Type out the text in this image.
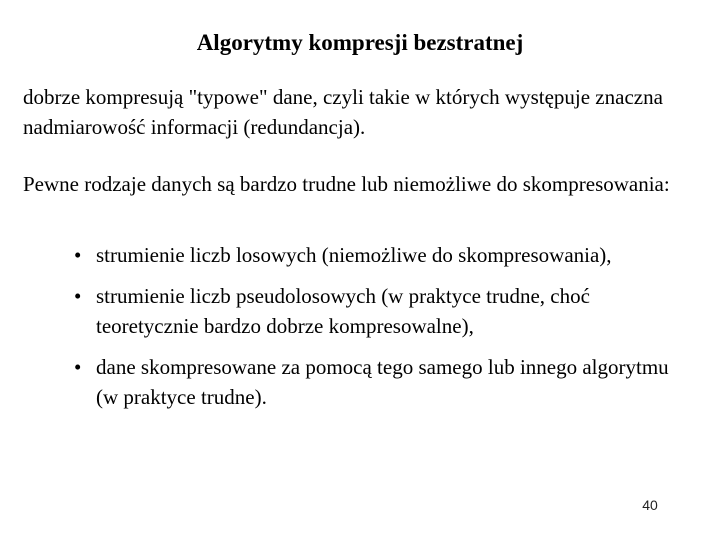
Algorytmy kompresji bezstratnej

dobrze kompresują "typowe" dane, czyli takie w których występuje znaczna nadmiarowość informacji (redundancja).

Pewne rodzaje danych są bardzo trudne lub niemożliwe do skompresowania:

• strumienie liczb losowych (niemożliwe do skompresowania),
• strumienie liczb pseudolosowych (w praktyce trudne, choć teoretycznie bardzo dobrze kompresowalne),
• dane skompresowane za pomocą tego samego lub innego algorytmu (w praktyce trudne).
40
